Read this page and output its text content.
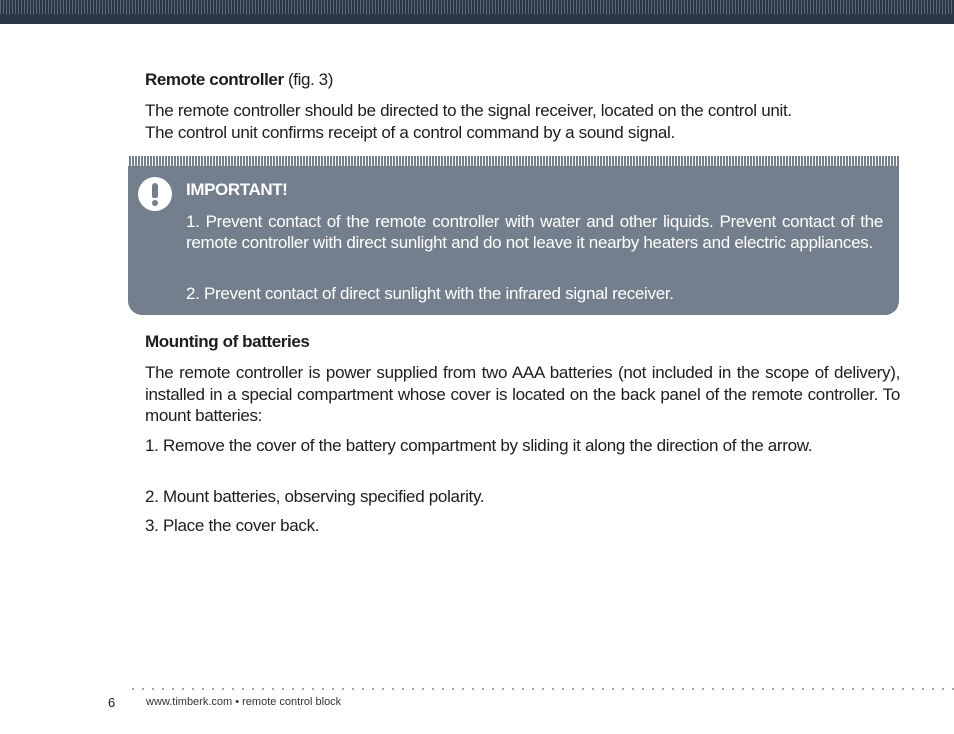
Remote controller (fig. 3)

The remote controller should be directed to the signal receiver, located on the control unit.

The control unit confirms receipt of a control command by a sound signal.

IMPORTANT!

1. Prevent contact of the remote controller with water and other liquids. Prevent contact of the remote controller with direct sunlight and do not leave it nearby heaters and electric appliances.

2. Prevent contact of direct sunlight with the infrared signal receiver.

Mounting of batteries

The remote controller is power supplied from two AAA batteries (not included in the scope of delivery), installed in a special compartment whose cover is located on the back panel of the remote controller. To mount batteries:

1. Remove the cover of the battery compartment by sliding it along the direction of the arrow.

2. Mount batteries, observing specified polarity.

3. Place the cover back.

6	www.timberk.com • remote control block
